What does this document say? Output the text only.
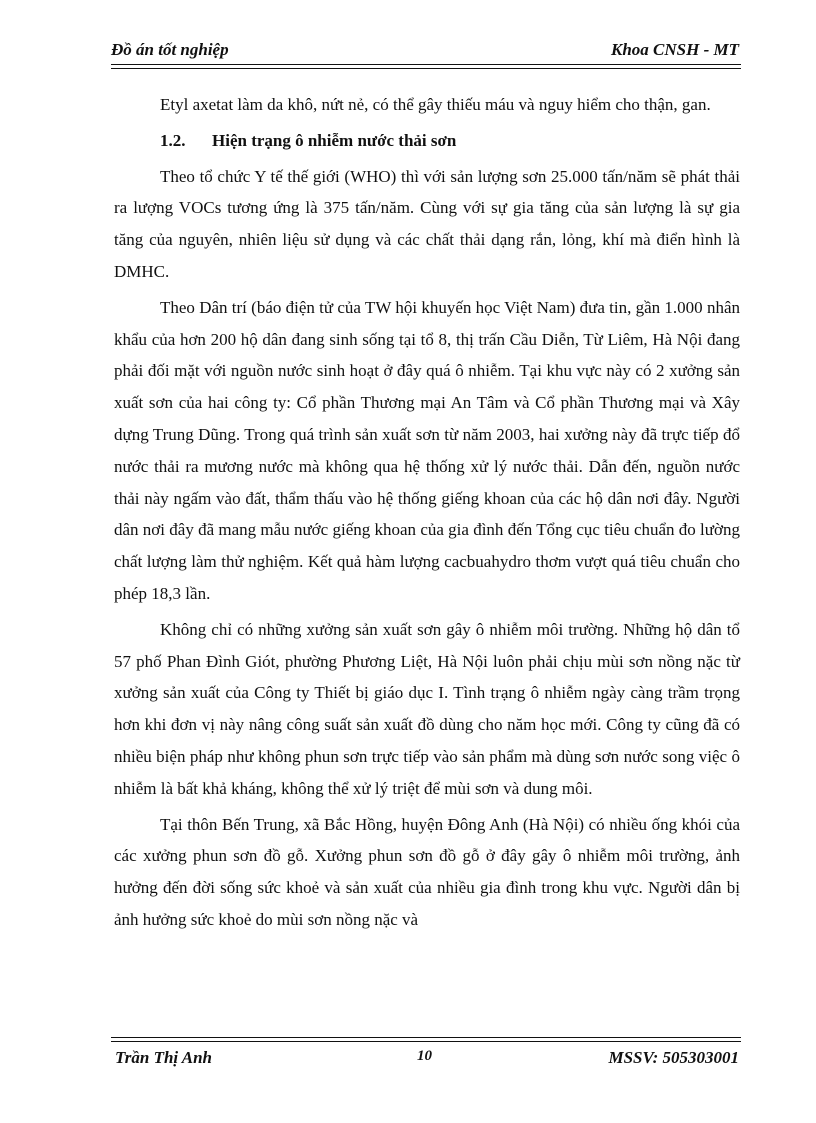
Đồ án tốt nghiệp	Khoa CNSH - MT

Etyl axetat làm da khô, nứt nẻ, có thể gây thiếu máu và nguy hiểm cho thận, gan.

1.2. Hiện trạng ô nhiễm nước thải sơn

Theo tổ chức Y tế thế giới (WHO) thì với sản lượng sơn 25.000 tấn/năm sẽ phát thải ra lượng VOCs tương ứng là 375 tấn/năm. Cùng với sự gia tăng của sản lượng là sự gia tăng của nguyên, nhiên liệu sử dụng và các chất thải dạng rắn, lỏng, khí mà điển hình là DMHC.

Theo Dân trí (báo điện tử của TW hội khuyến học Việt Nam) đưa tin, gần 1.000 nhân khẩu của hơn 200 hộ dân đang sinh sống tại tổ 8, thị trấn Cầu Diễn, Từ Liêm, Hà Nội đang phải đối mặt với nguồn nước sinh hoạt ở đây quá ô nhiễm. Tại khu vực này có 2 xưởng sản xuất sơn của hai công ty: Cổ phần Thương mại An Tâm và Cổ phần Thương mại và Xây dựng Trung Dũng. Trong quá trình sản xuất sơn từ năm 2003, hai xưởng này đã trực tiếp đổ nước thải ra mương nước mà không qua hệ thống xử lý nước thải. Dẫn đến, nguồn nước thải này ngấm vào đất, thẩm thấu vào hệ thống giếng khoan của các hộ dân nơi đây. Người dân nơi đây đã mang mẫu nước giếng khoan của gia đình đến Tổng cục tiêu chuẩn đo lường chất lượng làm thử nghiệm. Kết quả hàm lượng cacbuahydro thơm vượt quá tiêu chuẩn cho phép 18,3 lần.

Không chỉ có những xưởng sản xuất sơn gây ô nhiễm môi trường. Những hộ dân tổ 57 phố Phan Đình Giót, phường Phương Liệt, Hà Nội luôn phải chịu mùi sơn nồng nặc từ xưởng sản xuất của Công ty Thiết bị giáo dục I. Tình trạng ô nhiễm ngày càng trầm trọng hơn khi đơn vị này nâng công suất sản xuất đồ dùng cho năm học mới. Công ty cũng đã có nhiều biện pháp như không phun sơn trực tiếp vào sản phẩm mà dùng sơn nước song việc ô nhiễm là bất khả kháng, không thể xử lý triệt để mùi sơn và dung môi.

Tại thôn Bến Trung, xã Bắc Hồng, huyện Đông Anh (Hà Nội) có nhiều ống khói của các xưởng phun sơn đồ gỗ. Xưởng phun sơn đồ gỗ ở đây gây ô nhiễm môi trường, ảnh hưởng đến đời sống sức khoẻ và sản xuất của nhiều gia đình trong khu vực. Người dân bị ảnh hưởng sức khoẻ do mùi sơn nồng nặc và

Trần Thị Anh	10	MSSV: 505303001
